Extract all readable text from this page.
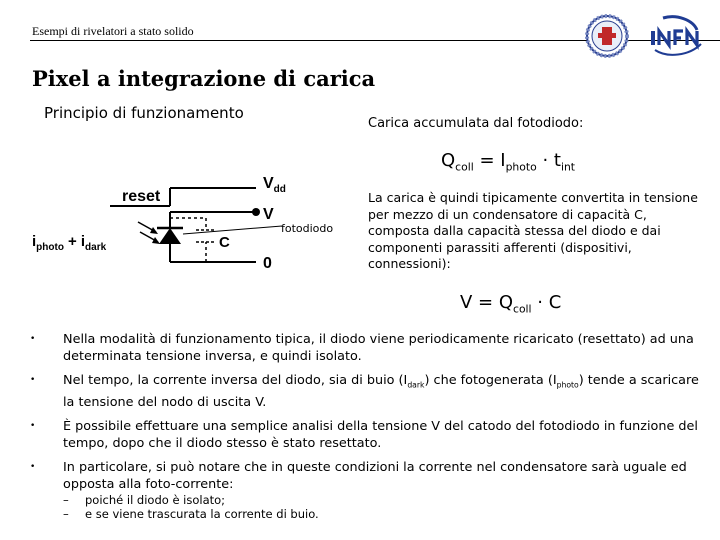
Esempi di rivelatori a stato solido
Pixel a integrazione di carica
Principio di funzionamento
reset
$V_{dd}$
V
C
0
$i_{photo} + i_{dark}$
fotodiodo
Carica accumulata dal fotodiodo:
$Q_{coll} = I_{photo} \cdot t_{int}$
La carica è quindi tipicamente convertita in tensione per mezzo di un condensatore di capacità C, composta dalla capacità stessa del diodo e dai componenti parassiti afferenti (dispositivi, connessioni):
$V = Q_{coll} \cdot C$
• Nella modalità di funzionamento tipica, il diodo viene periodicamente ricaricato (resettato) ad una determinata tensione inversa, e quindi isolato.
• Nel tempo, la corrente inversa del diodo, sia di buio $(I_{dark})$ che fotogenerata $(I_{photo})$ tende a scaricare la tensione del nodo di uscita V.
• È possibile effettuare una semplice analisi della tensione V del catodo del fotodiodo in funzione del tempo, dopo che il diodo stesso è stato resettato.
• In particolare, si può notare che in queste condizioni la corrente nel condensatore sarà uguale ed opposta alla foto-corrente:
– poiché il diodo è isolato;
– e se viene trascurata la corrente di buio.
